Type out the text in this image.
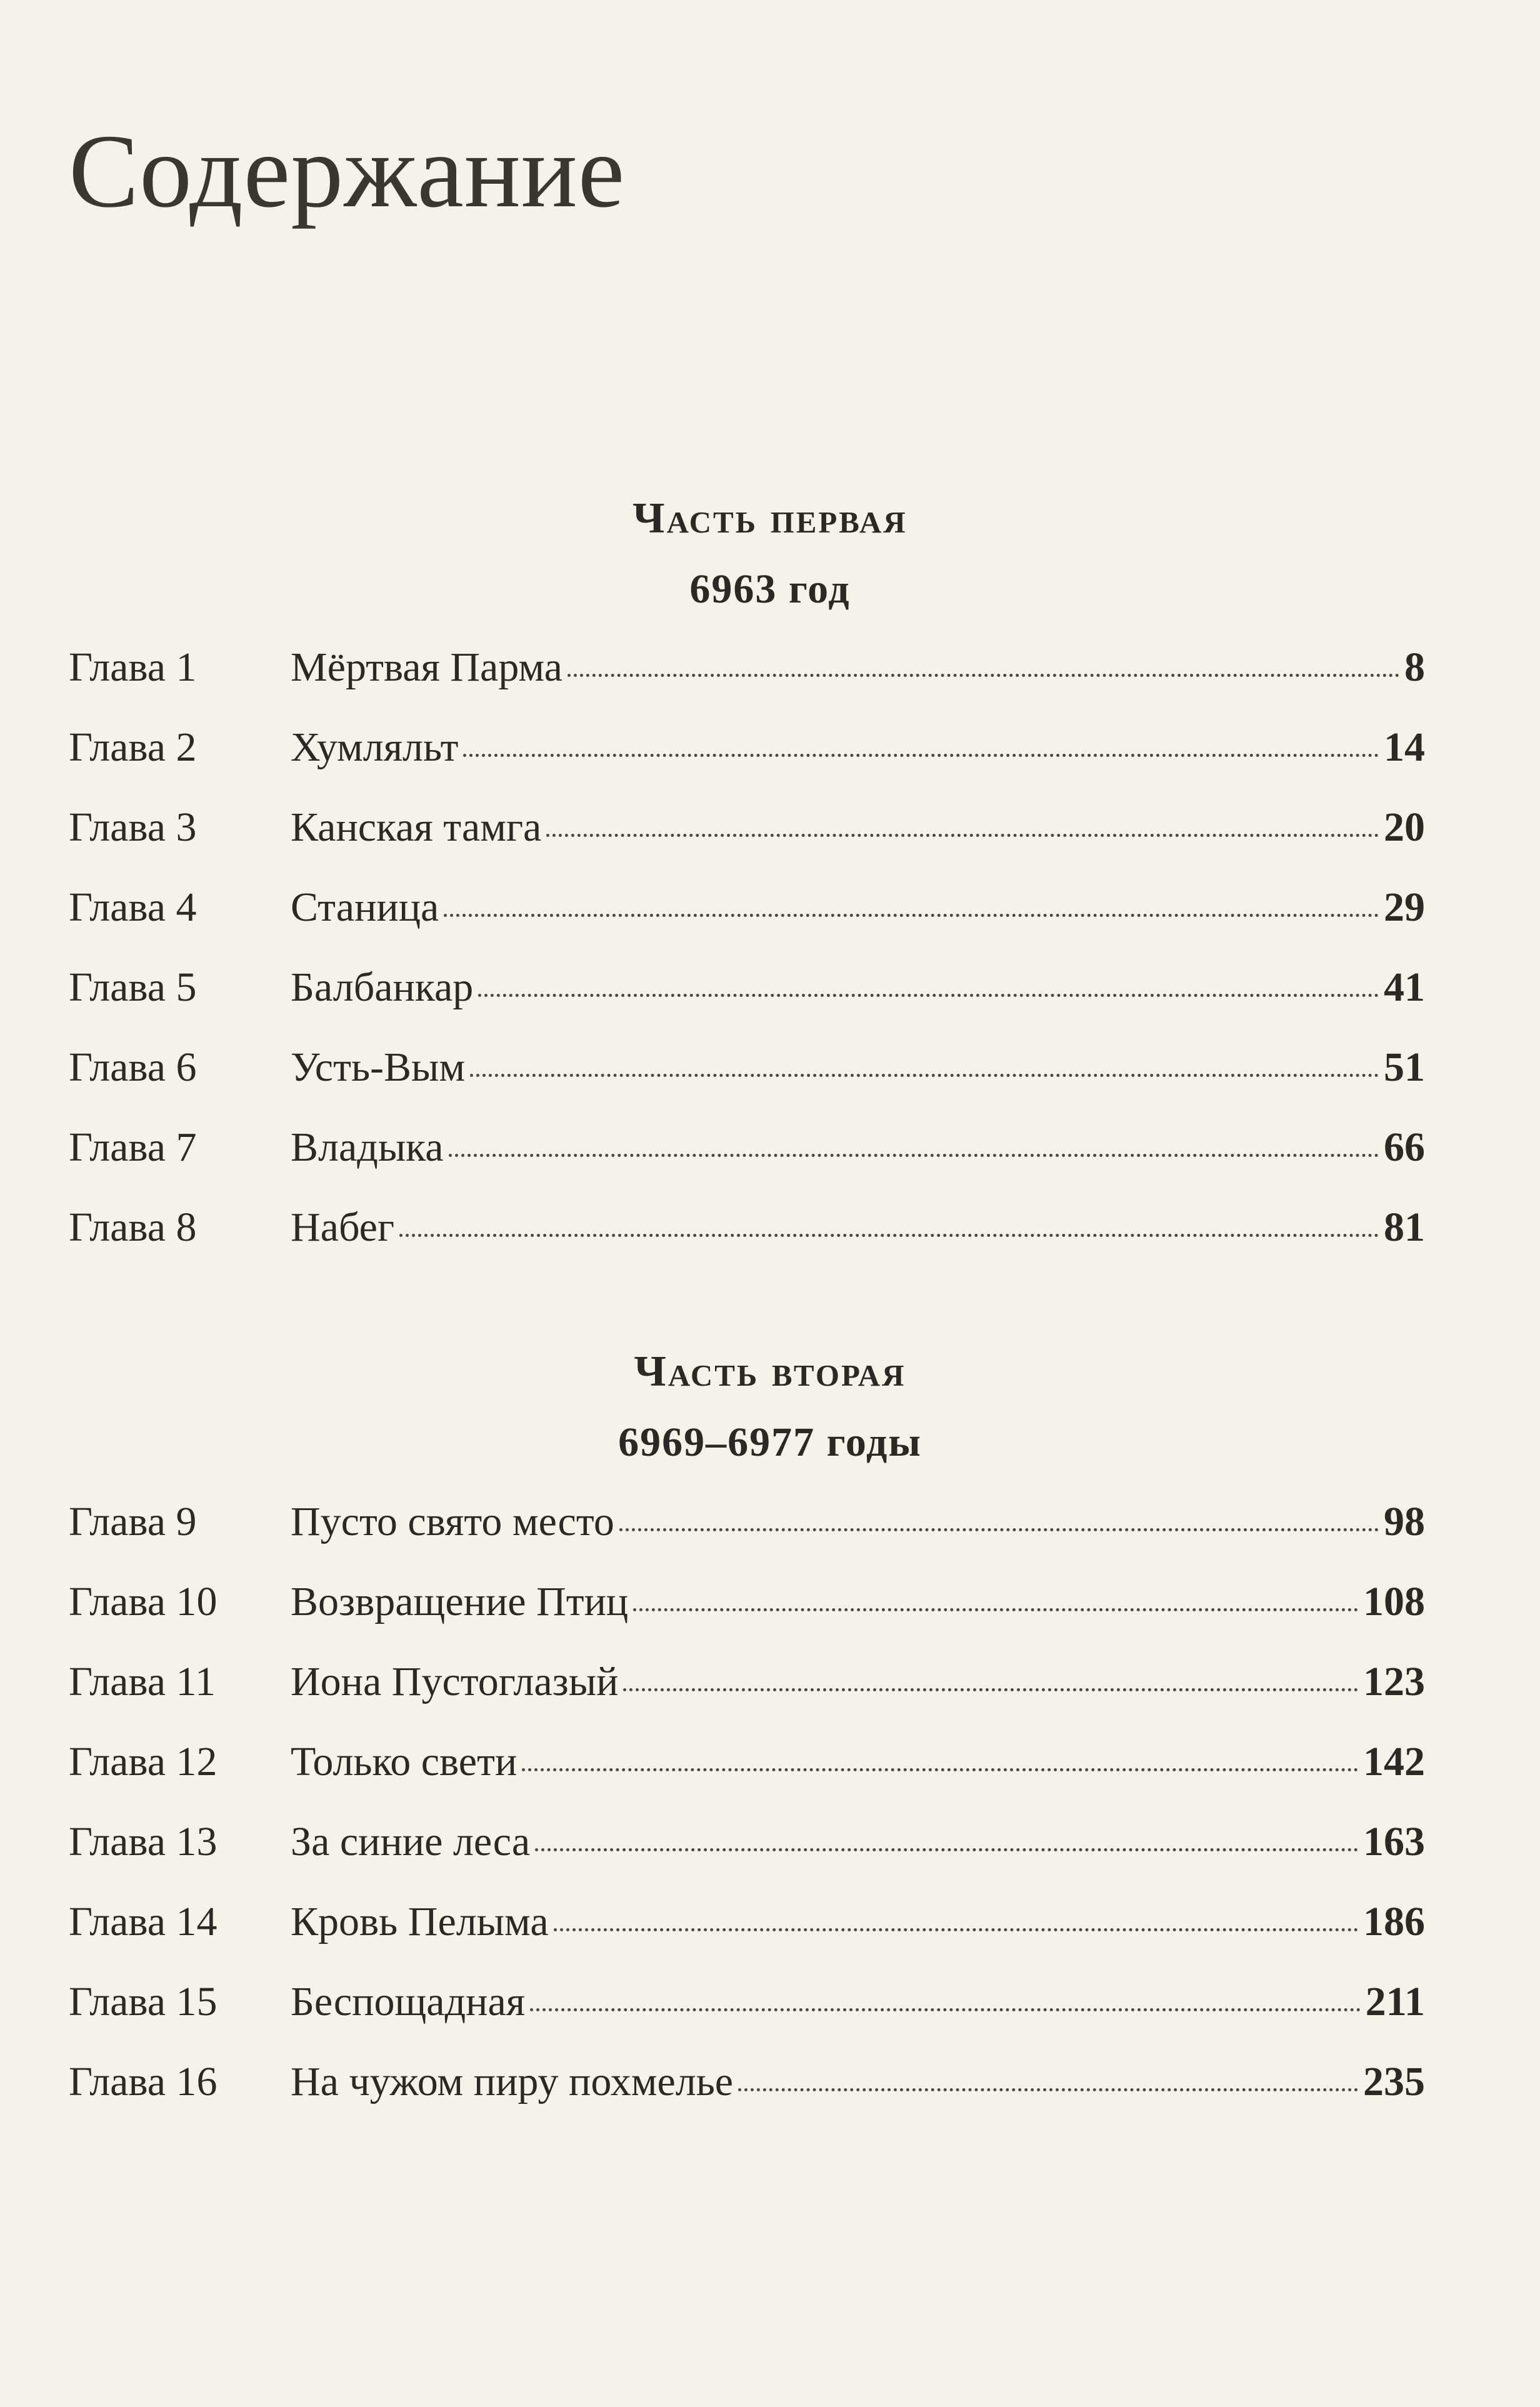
Содержание
Часть первая
6963 год
Глава 1	Мёртвая Парма	8
Глава 2	Хумляльт	14
Глава 3	Канская тамга	20
Глава 4	Станица	29
Глава 5	Балбанкар	41
Глава 6	Усть-Вым	51
Глава 7	Владыка	66
Глава 8	Набег	81
Часть вторая
6969–6977 годы
Глава 9	Пусто свято место	98
Глава 10	Возвращение Птиц	108
Глава 11	Иона Пустоглазый	123
Глава 12	Только свети	142
Глава 13	За синие леса	163
Глава 14	Кровь Пелыма	186
Глава 15	Беспощадная	211
Глава 16	На чужом пиру похмелье	235
